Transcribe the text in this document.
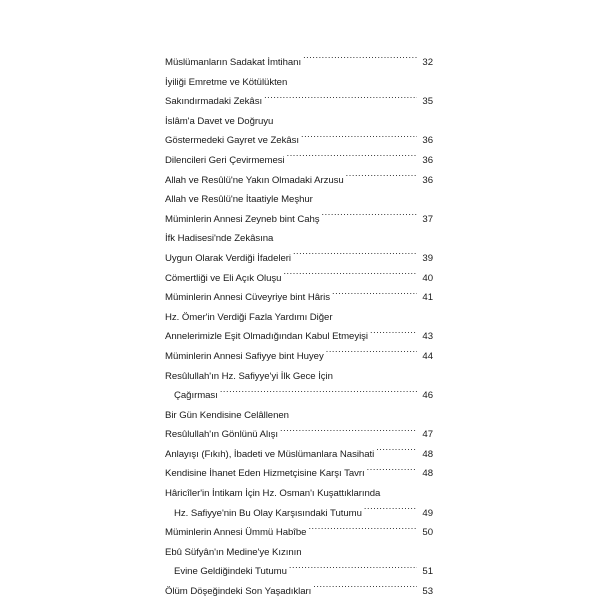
Müslümanların Sadakat İmtihanı .....	32
İyiliği Emretme ve Kötülükten
Sakındırmadaki Zekâsı .....	35
İslâm'a Davet ve Doğruyu
Göstermedeki Gayret ve Zekâsı .....	36
Dilencileri Geri Çevirmemesi .....	36
Allah ve Resûlü'ne Yakın Olmadaki Arzusu .....	36
Allah ve Resûlü'ne İtaatiyle Meşhur
Müminlerin Annesi Zeyneb bint Cahş .....	37
İfk Hadisesi'nde Zekâsına
Uygun Olarak Verdiği İfadeleri .....	39
Cömertliği ve Eli Açık Oluşu .....	40
Müminlerin Annesi Cüveyriye bint Hâris .....	41
Hz. Ömer'in Verdiği Fazla Yardımı Diğer
Annelerimizle Eşit Olmadığından Kabul Etmeyişi .....	43
Müminlerin Annesi Safiyye bint Huyey .....	44
Resûlullah'ın Hz. Safiyye'yi İlk Gece İçin
Çağırması .....	46
Bir Gün Kendisine Celâllenen
Resûlullah'ın Gönlünü Alışı .....	47
Anlayışı (Fıkıh), İbadeti ve Müslümanlara Nasihati .....	48
Kendisine İhanet Eden Hizmetçisine Karşı Tavrı .....	48
Hâricîler'in İntikam İçin Hz. Osman'ı Kuşattıklarında
Hz. Safiyye'nin Bu Olay Karşısındaki Tutumu .....	49
Müminlerin Annesi Ümmü Habîbe .....	50
Ebû Süfyân'ın Medine'ye Kızının
Evine Geldiğindeki Tutumu .....	51
Ölüm Döşeğindeki Son Yaşadıkları .....	53
